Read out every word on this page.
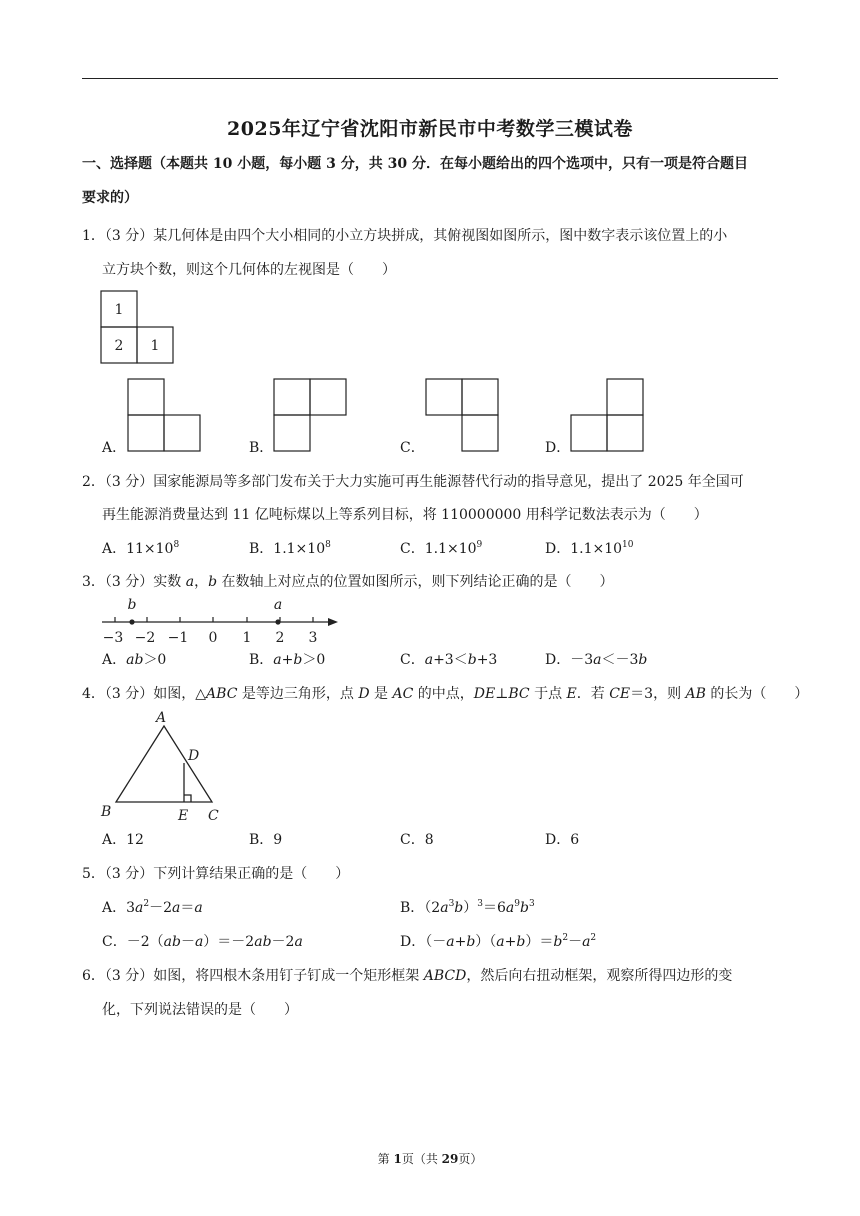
2025年辽宁省沈阳市新民市中考数学三模试卷
一、选择题（本题共 10 小题，每小题 3 分，共 30 分．在每小题给出的四个选项中，只有一项是符合题目
要求的）
1．（3 分）某几何体是由四个大小相同的小立方块拼成，其俯视图如图所示，图中数字表示该位置上的小
立方块个数，则这个几何体的左视图是（　　）
1
2 1
A．	B．	C．	D．
2．（3 分）国家能源局等多部门发布关于大力实施可再生能源替代行动的指导意见，提出了 2025 年全国可
再生能源消费量达到 11 亿吨标煤以上等系列目标，将 110000000 用科学记数法表示为（　　）
A．$11\times 10^8$	B．$1.1\times 10^8$	C．$1.1\times 10^9$	D．$1.1\times 10^{10}$
3．（3 分）实数 a，b 在数轴上对应点的位置如图所示，则下列结论正确的是（　　）
b	a
−3 −2 −1 0 1 2 3
A．ab＞0	B．a+b＞0	C．a+3＜b+3	D．－3a＜－3b
4．（3 分）如图，△ABC 是等边三角形，点 D 是 AC 的中点，DE⊥BC 于点 E．若 CE＝3，则 AB 的长为（　　）
A
D
B	E C
A．12	B．9	C．8	D．6
5．（3 分）下列计算结果正确的是（　　）
A．$3a^2-2a=a$	B．$(2a^3b)^3=6a^9b^3$
C．－2（ab－a）＝－2ab－2a	D．$(-a+b)(a+b)=b^2-a^2$
6．（3 分）如图，将四根木条用钉子钉成一个矩形框架 ABCD，然后向右扭动框架，观察所得四边形的变
化，下列说法错误的是（　　）
第 1页（共 29页）
